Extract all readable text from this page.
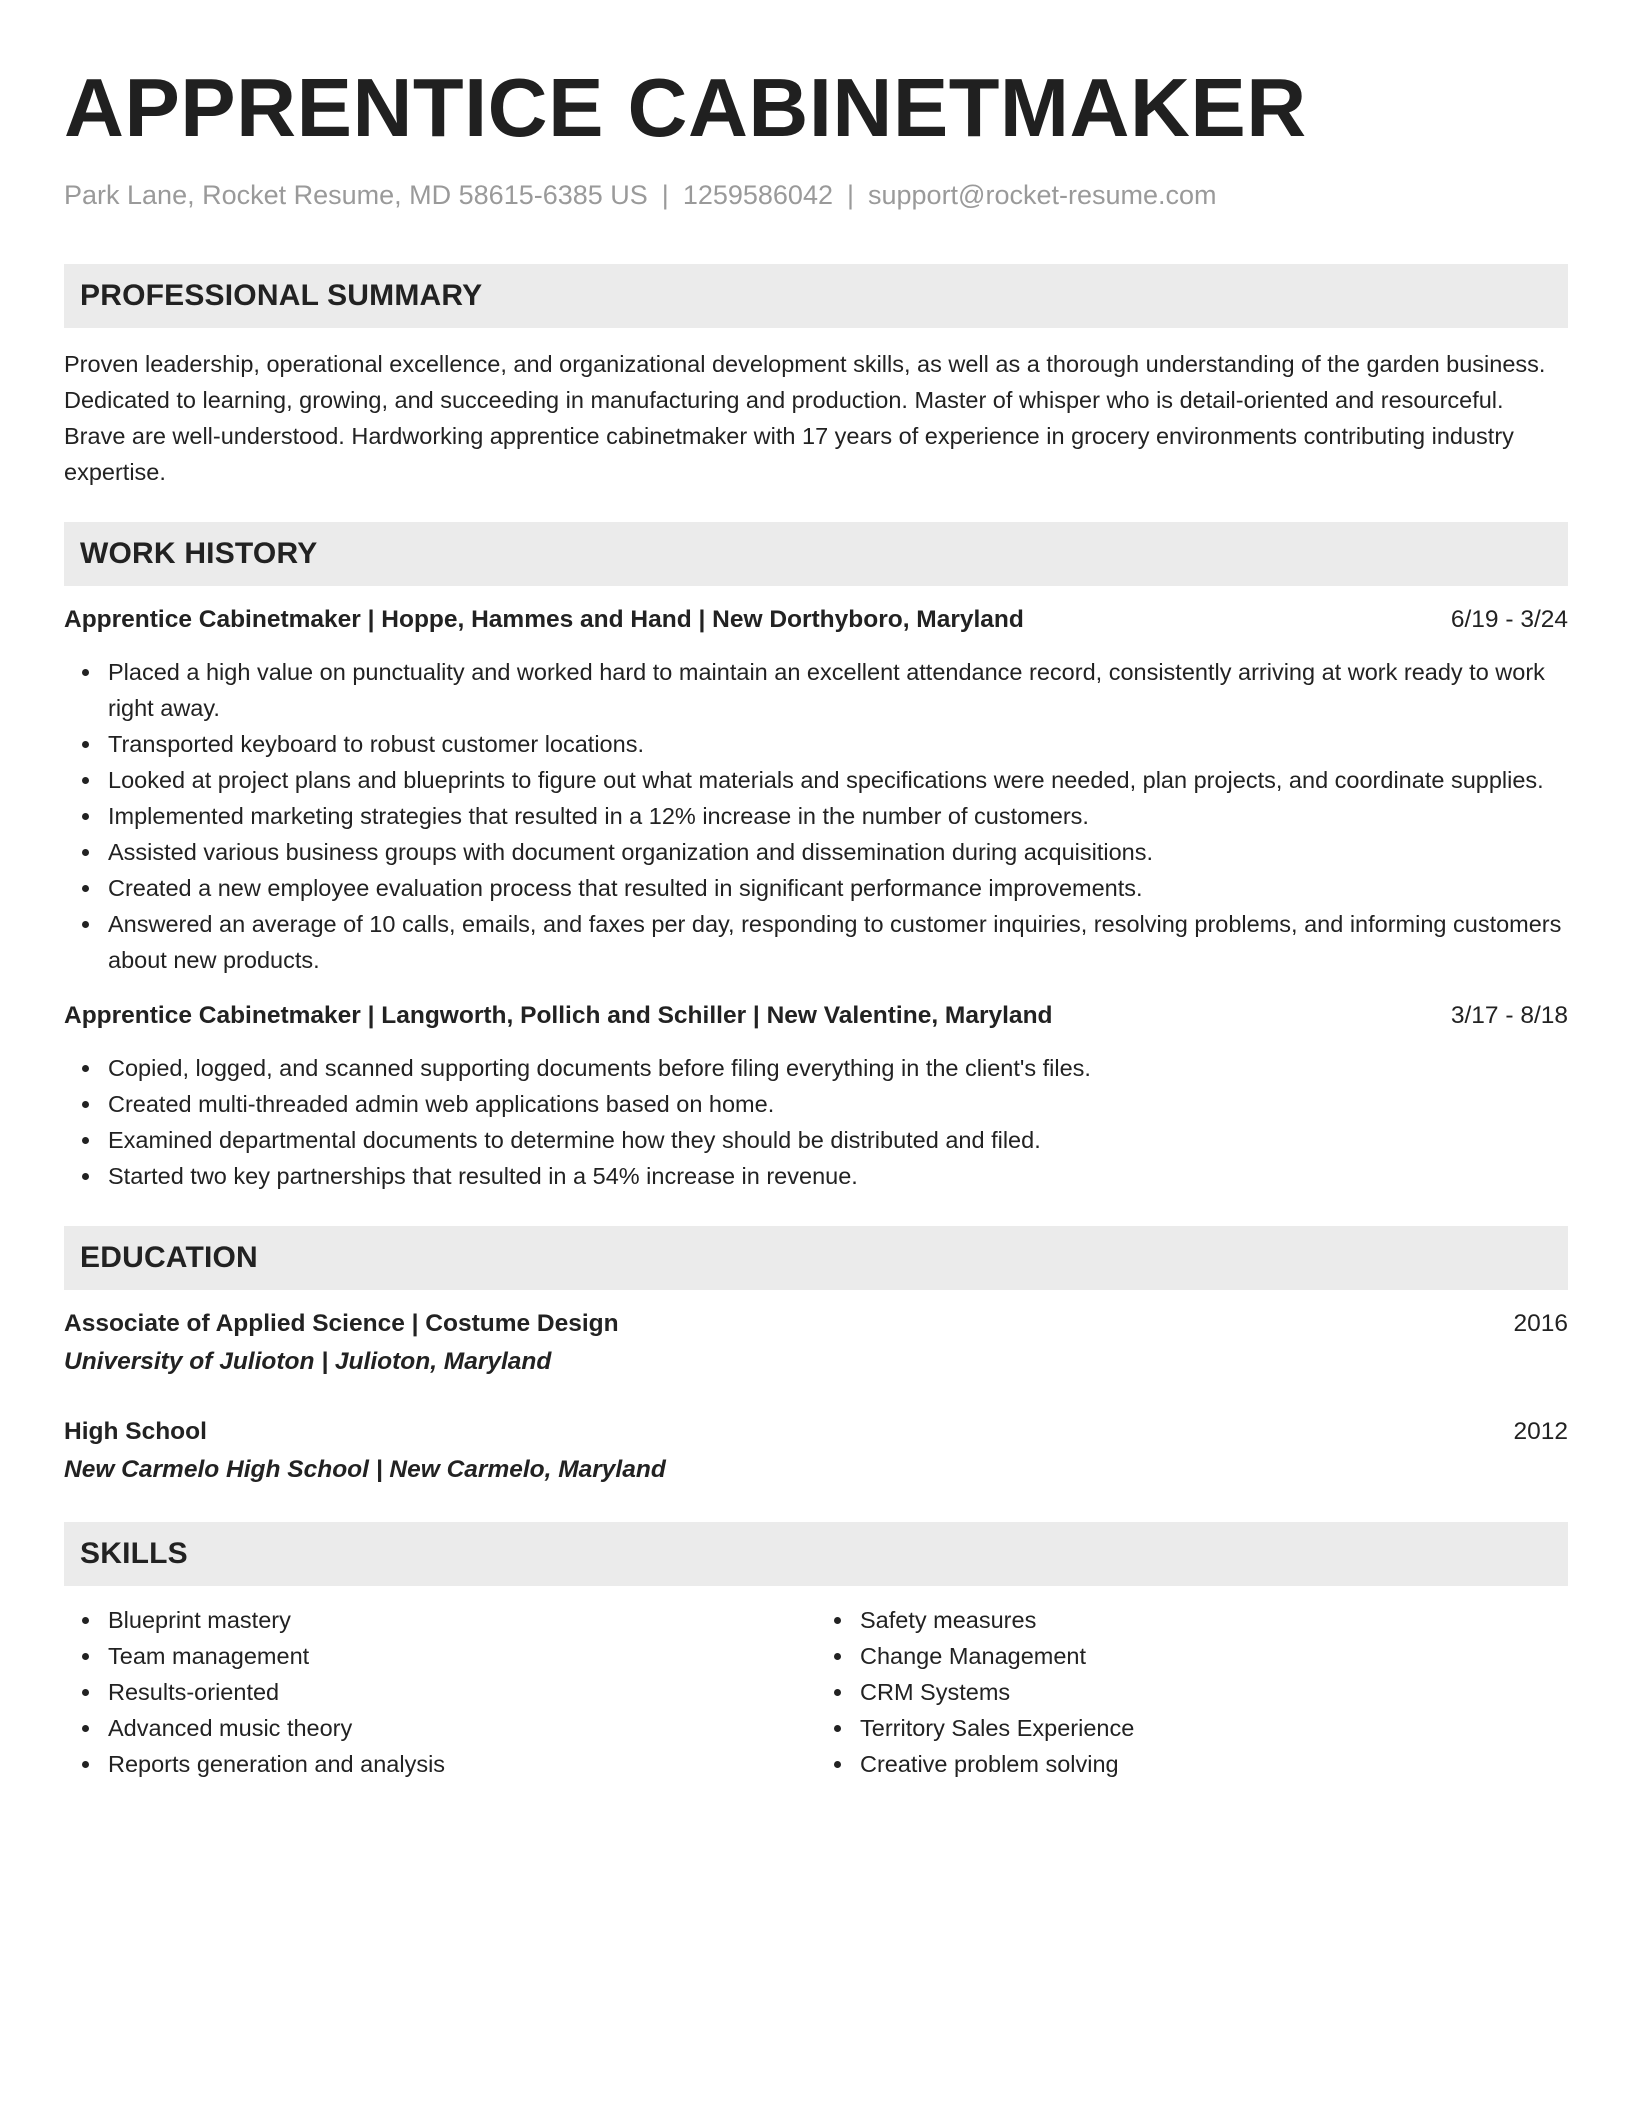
APPRENTICE CABINETMAKER
Park Lane, Rocket Resume, MD 58615-6385 US | 1259586042 | support@rocket-resume.com
PROFESSIONAL SUMMARY
Proven leadership, operational excellence, and organizational development skills, as well as a thorough understanding of the garden business. Dedicated to learning, growing, and succeeding in manufacturing and production. Master of whisper who is detail-oriented and resourceful. Brave are well-understood. Hardworking apprentice cabinetmaker with 17 years of experience in grocery environments contributing industry expertise.
WORK HISTORY
Apprentice Cabinetmaker | Hoppe, Hammes and Hand | New Dorthyboro, Maryland	6/19 - 3/24
Placed a high value on punctuality and worked hard to maintain an excellent attendance record, consistently arriving at work ready to work right away.
Transported keyboard to robust customer locations.
Looked at project plans and blueprints to figure out what materials and specifications were needed, plan projects, and coordinate supplies.
Implemented marketing strategies that resulted in a 12% increase in the number of customers.
Assisted various business groups with document organization and dissemination during acquisitions.
Created a new employee evaluation process that resulted in significant performance improvements.
Answered an average of 10 calls, emails, and faxes per day, responding to customer inquiries, resolving problems, and informing customers about new products.
Apprentice Cabinetmaker | Langworth, Pollich and Schiller | New Valentine, Maryland	3/17 - 8/18
Copied, logged, and scanned supporting documents before filing everything in the client's files.
Created multi-threaded admin web applications based on home.
Examined departmental documents to determine how they should be distributed and filed.
Started two key partnerships that resulted in a 54% increase in revenue.
EDUCATION
Associate of Applied Science | Costume Design	2016
University of Julioton | Julioton, Maryland
High School	2012
New Carmelo High School | New Carmelo, Maryland
SKILLS
Blueprint mastery
Team management
Results-oriented
Advanced music theory
Reports generation and analysis
Safety measures
Change Management
CRM Systems
Territory Sales Experience
Creative problem solving
